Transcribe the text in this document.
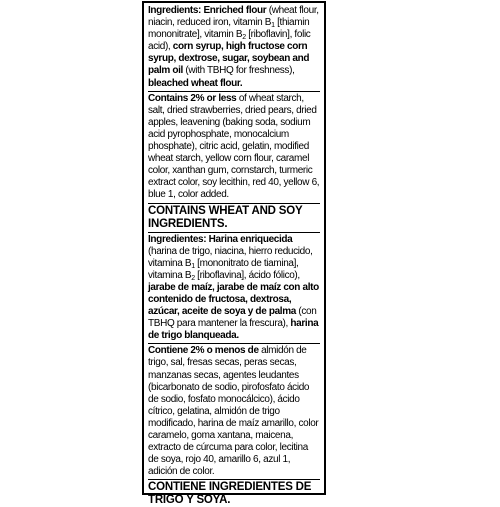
Ingredients: Enriched flour (wheat flour, niacin, reduced iron, vitamin $B_1$ [thiamin mononitrate], vitamin $B_2$ [riboflavin], folic acid), corn syrup, high fructose corn syrup, dextrose, sugar, soybean and palm oil (with TBHQ for freshness), bleached wheat flour.

Contains 2% or less of wheat starch, salt, dried strawberries, dried pears, dried apples, leavening (baking soda, sodium acid pyrophosphate, monocalcium phosphate), citric acid, gelatin, modified wheat starch, yellow corn flour, caramel color, xanthan gum, cornstarch, turmeric extract color, soy lecithin, red 40, yellow 6, blue 1, color added.

CONTAINS WHEAT AND SOY INGREDIENTS.

Ingredientes: Harina enriquecida (harina de trigo, niacina, hierro reducido, vitamina $B_1$ [mononitrato de tiamina], vitamina $B_2$ [riboflavina], ácido fólico), jarabe de maíz, jarabe de maíz con alto contenido de fructosa, dextrosa, azúcar, aceite de soya y de palma (con TBHQ para mantener la frescura), harina de trigo blanqueada.

Contiene 2% o menos de almidón de trigo, sal, fresas secas, peras secas, manzanas secas, agentes leudantes (bicarbonato de sodio, pirofosfato ácido de sodio, fosfato monocálcico), ácido cítrico, gelatina, almidón de trigo modificado, harina de maíz amarillo, color caramelo, goma xantana, maicena, extracto de cúrcuma para color, lecitina de soya, rojo 40, amarillo 6, azul 1, adición de color.

CONTIENE INGREDIENTES DE TRIGO Y SOYA.
